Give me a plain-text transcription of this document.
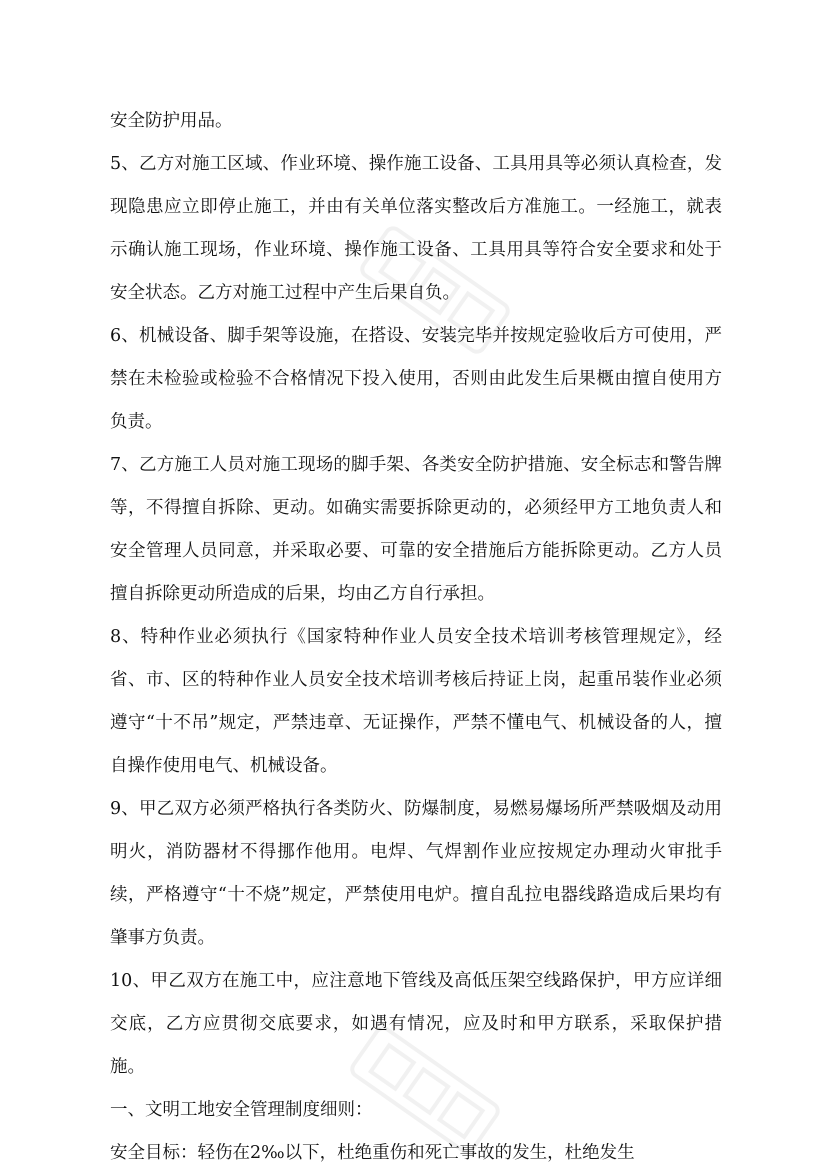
安全防护用品。

5、乙方对施工区域、作业环境、操作施工设备、工具用具等必须认真检查，发现隐患应立即停止施工，并由有关单位落实整改后方准施工。一经施工，就表示确认施工现场，作业环境、操作施工设备、工具用具等符合安全要求和处于安全状态。乙方对施工过程中产生后果自负。

6、机械设备、脚手架等设施，在搭设、安装完毕并按规定验收后方可使用，严禁在未检验或检验不合格情况下投入使用，否则由此发生后果概由擅自使用方负责。

7、乙方施工人员对施工现场的脚手架、各类安全防护措施、安全标志和警告牌等，不得擅自拆除、更动。如确实需要拆除更动的，必须经甲方工地负责人和安全管理人员同意，并采取必要、可靠的安全措施后方能拆除更动。乙方人员擅自拆除更动所造成的后果，均由乙方自行承担。

8、特种作业必须执行《国家特种作业人员安全技术培训考核管理规定》，经省、市、区的特种作业人员安全技术培训考核后持证上岗，起重吊装作业必须遵守“十不吊”规定，严禁违章、无证操作，严禁不懂电气、机械设备的人，擅自操作使用电气、机械设备。

9、甲乙双方必须严格执行各类防火、防爆制度，易燃易爆场所严禁吸烟及动用明火，消防器材不得挪作他用。电焊、气焊割作业应按规定办理动火审批手续，严格遵守“十不烧”规定，严禁使用电炉。擅自乱拉电器线路造成后果均有肇事方负责。

10、甲乙双方在施工中，应注意地下管线及高低压架空线路保护，甲方应详细交底，乙方应贯彻交底要求，如遇有情况，应及时和甲方联系，采取保护措施。

一、文明工地安全管理制度细则：

安全目标：轻伤在2‰以下，杜绝重伤和死亡事故的发生，杜绝发生
